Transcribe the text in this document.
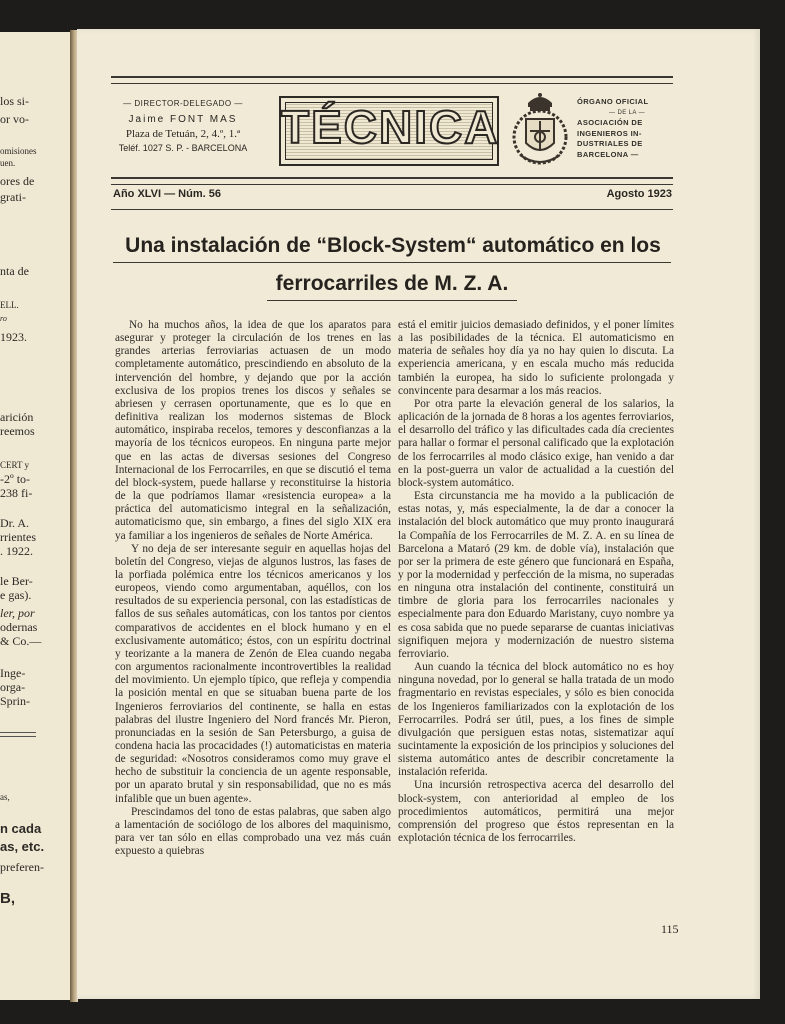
los si-
or vo-
omisiones
uen.
ores de
grati-
nta de
ELL.
ro
1923.
arición
reemos
CERT y
-2º to-
238 fi-
Dr. A.
rrientes
. 1922.
le Ber-
e gas).
ler, por
odernas
& Co.—
Inge-
orga-
Sprin-
as,
n cada
as, etc.
preferen-
B,
— DIRECTOR-DELEGADO —
Jaime FONT MAS
Plaza de Tetuán, 2, 4.º, 1.ª
Teléf. 1027 S. P. - BARCELONA TÉCNICA	ÓRGANO OFICIAL
— DE LA —
ASOCIACIÓN DE
INGENIEROS IN-
DUSTRIALES DE
BARCELONA —
Año XLVI — Núm. 56	Agosto 1923
Una instalación de “Block-System“ automático en los
ferrocarriles de M. Z. A.

No ha muchos años, la idea de que los aparatos para asegurar y proteger la circulación de los trenes en las grandes arterias ferroviarias actuasen de un modo completamente automático, prescindiendo en absoluto de la intervención del hombre, y dejando que por la acción exclusiva de los propios trenes los discos y señales se abriesen y cerrasen oportunamente, que es lo que en definitiva realizan los modernos sistemas de Block automático, inspiraba recelos, temores y desconfianzas a la mayoría de los técnicos europeos. En ninguna parte mejor que en las actas de diversas sesiones del Congreso Internacional de los Ferrocarriles, en que se discutió el tema del block-system, puede hallarse y reconstituirse la historia de la que podríamos llamar «resistencia europea» a la práctica del automaticismo integral en la señalización, automaticismo que, sin embargo, a fines del siglo XIX era ya familiar a los ingenieros de señales de Norte América.

Y no deja de ser interesante seguir en aquellas hojas del boletín del Congreso, viejas de algunos lustros, las fases de la porfiada polémica entre los técnicos americanos y los europeos, viendo como argumentaban, aquéllos, con los resultados de su experiencia personal, con las estadísticas de fallos de sus señales automáticas, con los tantos por cientos comparativos de accidentes en el block humano y en el exclusivamente automático; éstos, con un espíritu doctrinal y teorizante a la manera de Zenón de Elea cuando negaba con argumentos racionalmente incontrovertibles la realidad del movimiento. Un ejemplo típico, que refleja y compendia la posición mental en que se situaban buena parte de los Ingenieros ferroviarios del continente, se halla en estas palabras del ilustre Ingeniero del Nord francés Mr. Pieron, pronunciadas en la sesión de San Petersburgo, a guisa de condena hacia las procacidades (!) automaticistas en materia de seguridad: «Nosotros consideramos como muy grave el hecho de substituir la conciencia de un agente responsable, por un aparato brutal y sin responsabilidad, que no es más infalible que un buen agente».

Prescindamos del tono de estas palabras, que saben algo a lamentación de sociólogo de los albores del maquinismo, para ver tan sólo en ellas comprobado una vez más cuán expuesto a quiebras

está el emitir juicios demasiado definidos, y el poner límites a las posibilidades de la técnica. El automaticismo en materia de señales hoy día ya no hay quien lo discuta. La experiencia americana, y en escala mucho más reducida también la europea, ha sido lo suficiente prolongada y convincente para desarmar a los más reacios.

Por otra parte la elevación general de los salarios, la aplicación de la jornada de 8 horas a los agentes ferroviarios, el desarrollo del tráfico y las dificultades cada día crecientes para hallar o formar el personal calificado que la explotación de los ferrocarriles al modo clásico exige, han venido a dar en la post-guerra un valor de actualidad a la cuestión del block-system automático.

Esta circunstancia me ha movido a la publicación de estas notas, y, más especialmente, la de dar a conocer la instalación del block automático que muy pronto inaugurará la Compañía de los Ferrocarriles de M. Z. A. en su línea de Barcelona a Mataró (29 km. de doble vía), instalación que por ser la primera de este género que funcionará en España, y por la modernidad y perfección de la misma, no superadas en ninguna otra instalación del continente, constituirá un timbre de gloria para los ferrocarriles nacionales y especialmente para don Eduardo Maristany, cuyo nombre ya es cosa sabida que no puede separarse de cuantas iniciativas signifiquen mejora y modernización de nuestro sistema ferroviario.

Aun cuando la técnica del block automático no es hoy ninguna novedad, por lo general se halla tratada de un modo fragmentario en revistas especiales, y sólo es bien conocida de los Ingenieros familiarizados con la explotación de los Ferrocarriles. Podrá ser útil, pues, a los fines de simple divulgación que persiguen estas notas, sistematizar aquí sucintamente la exposición de los principios y soluciones del sistema automático antes de describir concretamente la instalación referida.

Una incursión retrospectiva acerca del desarrollo del block-system, con anterioridad al empleo de los procedimientos automáticos, permitirá una mejor comprensión del progreso que éstos representan en la explotación técnica de los ferrocarriles.

115
